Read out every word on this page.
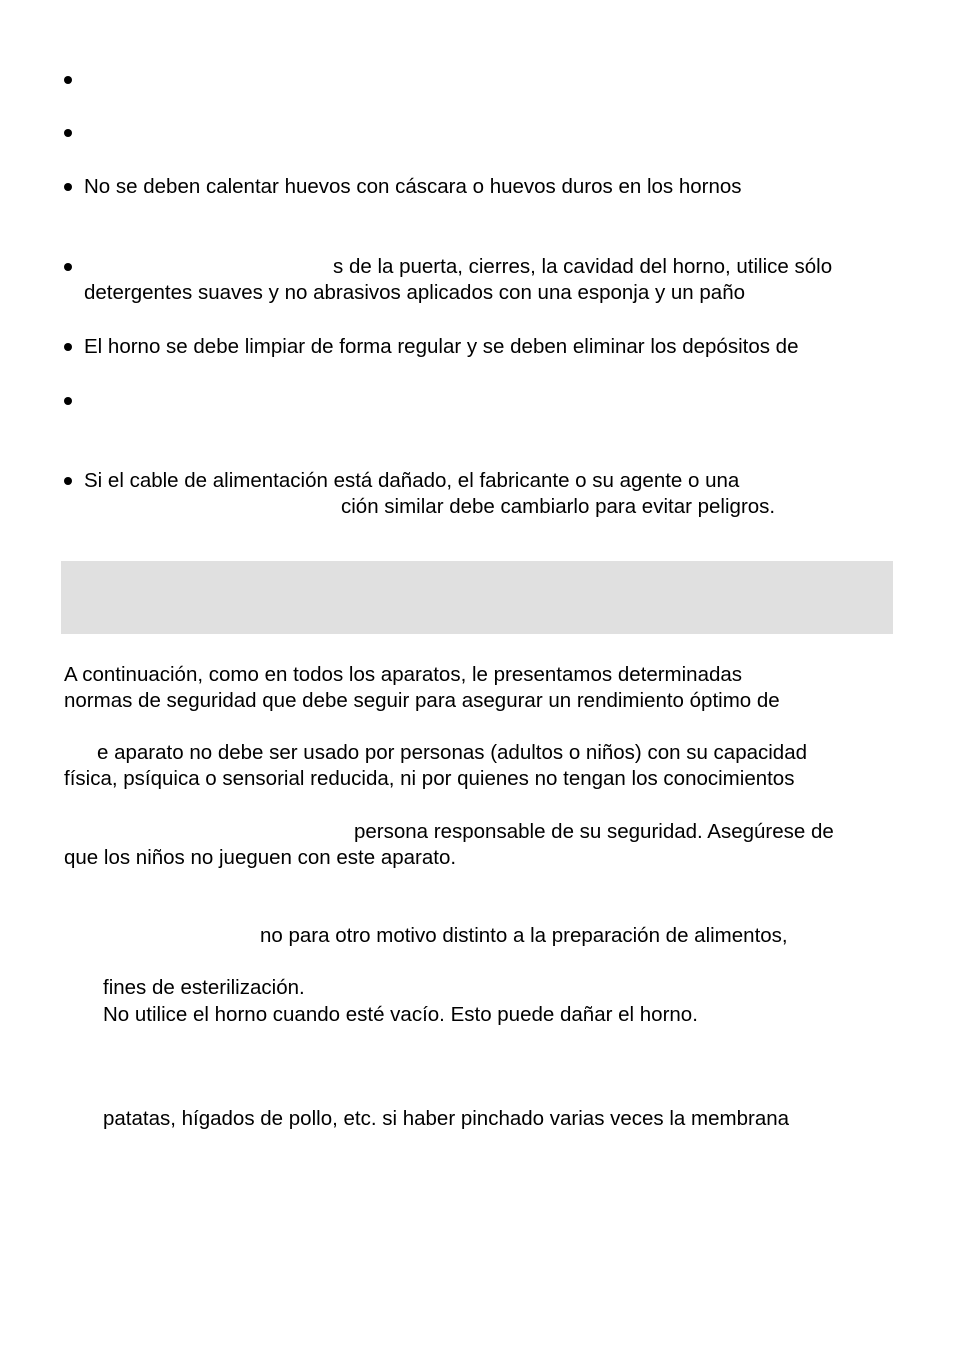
No se deben calentar huevos con cáscara o huevos duros en los hornos
s de la puerta, cierres, la cavidad del horno, utilice sólo
detergentes suaves y no abrasivos aplicados con una esponja y un paño
El horno se debe limpiar de forma regular y se deben eliminar los depósitos de
Si el cable de alimentación está dañado, el fabricante o su agente o una
ción similar debe cambiarlo para evitar peligros.
A continuación, como en todos los aparatos, le presentamos determinadas
normas de seguridad que debe seguir para asegurar un rendimiento óptimo de
e aparato no debe ser usado por personas (adultos o niños) con su capacidad
física, psíquica o sensorial reducida, ni por quienes no tengan los conocimientos
persona responsable de su seguridad. Asegúrese de
que los niños no jueguen con este aparato.
no para otro motivo distinto a la preparación de alimentos,
fines de esterilización.
No utilice el horno cuando esté vacío. Esto puede dañar el horno.
patatas, hígados de pollo, etc. si haber pinchado varias veces la membrana
